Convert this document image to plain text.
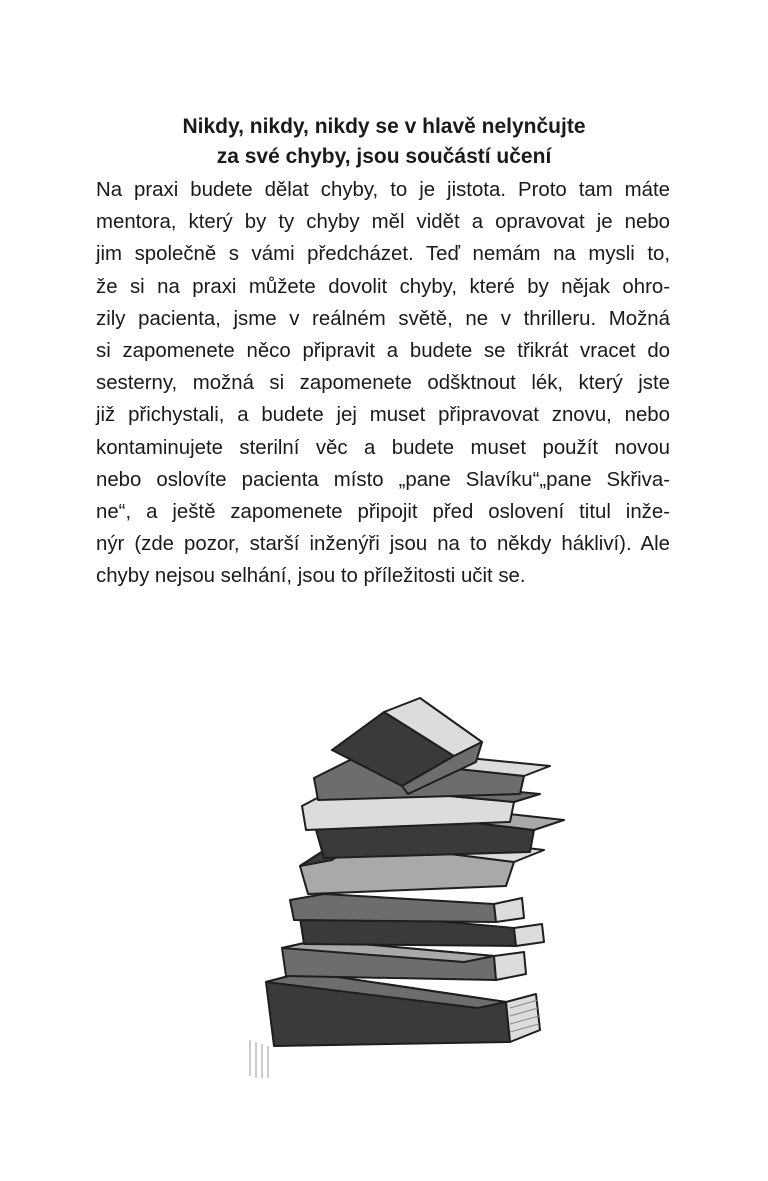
Nikdy, nikdy, nikdy se v hlavě nelynčujte
za své chyby, jsou součástí učení
Na praxi budete dělat chyby, to je jistota. Proto tam máte
mentora, který by ty chyby měl vidět a opravovat je nebo
jim společně s vámi předcházet. Teď nemám na mysli to,
že si na praxi můžete dovolit chyby, které by nějak ohro-
zily pacienta, jsme v reálném světě, ne v thrilleru. Možná
si zapomenete něco připravit a budete se třikrát vracet do
sesterny, možná si zapomenete odšktnout lék, který jste
již přichystali, a budete jej muset připravovat znovu, nebo
kontaminujete sterilní věc a budete muset použít novou
nebo oslovíte pacienta místo „pane Slavíku“„pane Skřiva-
ne“, a ještě zapomenete připojit před oslovení titul inže-
nýr (zde pozor, starší inženýři jsou na to někdy hákliví). Ale
chyby nejsou selhání, jsou to příležitosti učit se.
